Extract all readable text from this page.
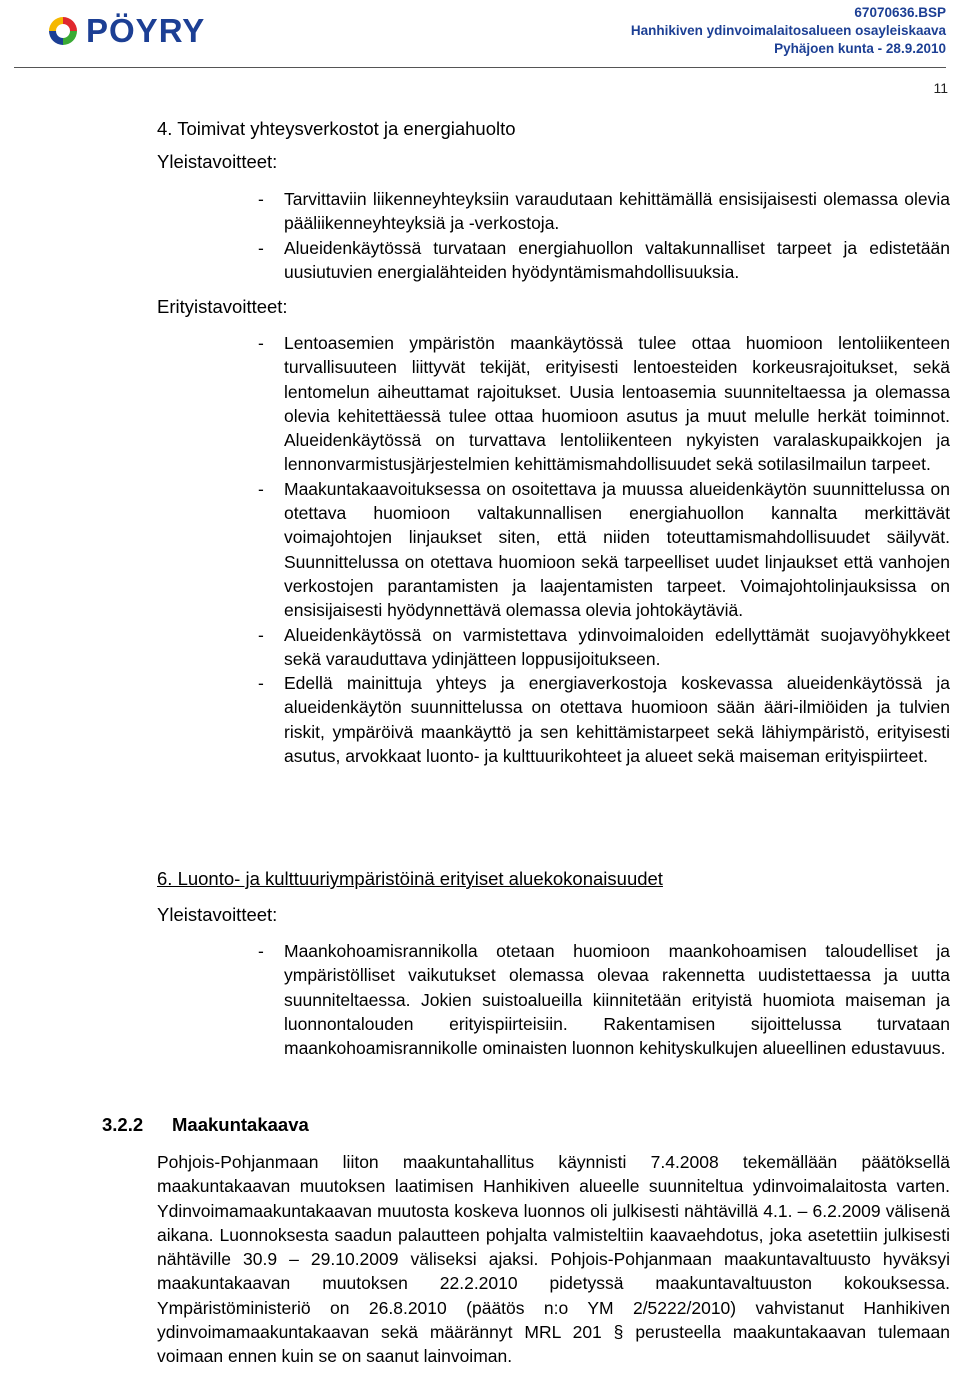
PÖYRY	67070636.BSP
Hanhikiven ydinvoimalaitosalueen osayleiskaava
Pyhäjoen kunta - 28.9.2010
11
4. Toimivat yhteysverkostot ja energiahuolto
Yleistavoitteet:
-	Tarvittaviin liikenneyhteyksiin varaudutaan kehittämällä ensisijaisesti olemassa olevia pääliikenneyhteyksiä ja -verkostoja.
-	Alueidenkäytössä turvataan energiahuollon valtakunnalliset tarpeet ja edistetään uusiutuvien energialähteiden hyödyntämismahdollisuuksia.
Erityistavoitteet:
-	Lentoasemien ympäristön maankäytössä tulee ottaa huomioon lentoliikenteen turvallisuuteen liittyvät tekijät, erityisesti lentoesteiden korkeusrajoitukset, sekä lentomelun aiheuttamat rajoitukset. Uusia lentoasemia suunniteltaessa ja olemassa olevia kehitettäessä tulee ottaa huomioon asutus ja muut melulle herkät toiminnot. Alueidenkäytössä on turvattava lentoliikenteen nykyisten varalaskupaikkojen ja lennonvarmistusjärjestelmien kehittämismahdollisuudet sekä sotilasilmailun tarpeet.
-	Maakuntakaavoituksessa on osoitettava ja muussa alueidenkäytön suunnittelussa on otettava huomioon valtakunnallisen energiahuollon kannalta merkittävät voimajohtojen linjaukset siten, että niiden toteuttamismahdollisuudet säilyvät. Suunnittelussa on otettava huomioon sekä tarpeelliset uudet linjaukset että vanhojen verkostojen parantamisten ja laajentamisten tarpeet. Voimajohtolinjauksissa on ensisijaisesti hyödynnettävä olemassa olevia johtokäytäviä.
-	Alueidenkäytössä on varmistettava ydinvoimaloiden edellyttämät suojavyöhykkeet sekä varauduttava ydinjätteen loppusijoitukseen.
-	Edellä mainittuja yhteys ja energiaverkostoja koskevassa alueidenkäytössä ja alueidenkäytön suunnittelussa on otettava huomioon sään ääri-ilmiöiden ja tulvien riskit, ympäröivä maankäyttö ja sen kehittämistarpeet sekä lähiympäristö, erityisesti asutus, arvokkaat luonto- ja kulttuurikohteet ja alueet sekä maiseman erityispiirteet.
6. Luonto- ja kulttuuriympäristöinä erityiset aluekokonaisuudet
Yleistavoitteet:
-	Maankohoamisrannikolla otetaan huomioon maankohoamisen taloudelliset ja ympäristölliset vaikutukset olemassa olevaa rakennetta uudistettaessa ja uutta suunniteltaessa. Jokien suistoalueilla kiinnitetään erityistä huomiota maiseman ja luonnontalouden erityispiirteisiin. Rakentamisen sijoittelussa turvataan maankohoamisrannikolle ominaisten luonnon kehityskulkujen alueellinen edustavuus.
3.2.2 Maakuntakaava
Pohjois-Pohjanmaan liiton maakuntahallitus käynnisti 7.4.2008 tekemällään päätöksellä maakuntakaavan muutoksen laatimisen Hanhikiven alueelle suunniteltua ydinvoimalaitosta varten. Ydinvoimamaakuntakaavan muutosta koskeva luonnos oli julkisesti nähtävillä 4.1. – 6.2.2009 välisenä aikana. Luonnoksesta saadun palautteen pohjalta valmisteltiin kaavaehdotus, joka asetettiin julkisesti nähtäville 30.9 – 29.10.2009 väliseksi ajaksi. Pohjois-Pohjanmaan maakuntavaltuusto hyväksyi maakuntakaavan muutoksen 22.2.2010 pidetyssä maakuntavaltuuston kokouksessa. Ympäristöministeriö on 26.8.2010 (päätös n:o YM 2/5222/2010) vahvistanut Hanhikiven ydinvoimamaakuntakaavan sekä määrännyt MRL 201 § perusteella maakuntakaavan tulemaan voimaan ennen kuin se on saanut lainvoiman.
